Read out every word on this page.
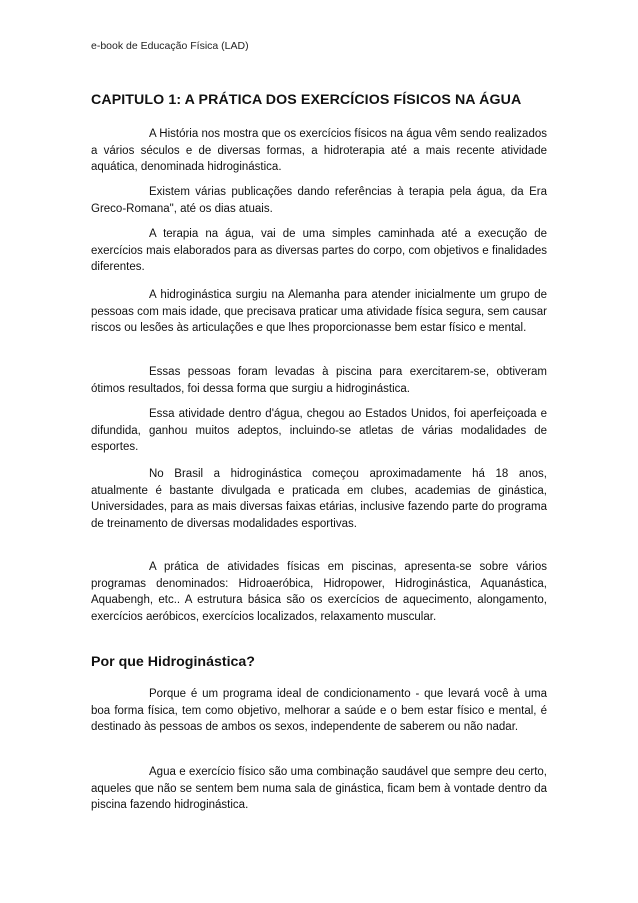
e-book de Educação Física (LAD)
CAPITULO 1: A PRÁTICA DOS EXERCÍCIOS FÍSICOS NA ÁGUA

A História nos mostra que os exercícios físicos na água vêm sendo realizados a vários séculos e de diversas formas, a hidroterapia até a mais recente atividade aquática, denominada hidroginástica.

Existem várias publicações dando referências à terapia pela água, da Era Greco-Romana", até os dias atuais.

A terapia na água, vai de uma simples caminhada até a execução de exercícios mais elaborados para as diversas partes do corpo, com objetivos e finalidades diferentes.

A hidroginástica surgiu na Alemanha para atender inicialmente um grupo de pessoas com mais idade, que precisava praticar uma atividade física segura, sem causar riscos ou lesões às articulações e que lhes proporcionasse bem estar físico e mental.

Essas pessoas foram levadas à piscina para exercitarem-se, obtiveram ótimos resultados, foi dessa forma que surgiu a hidroginástica.

Essa atividade dentro d'água, chegou ao Estados Unidos, foi aperfeiçoada e difundida, ganhou muitos adeptos, incluindo-se atletas de várias modalidades de esportes.

No Brasil a hidroginástica começou aproximadamente há 18 anos, atualmente é bastante divulgada e praticada em clubes, academias de ginástica, Universidades, para as mais diversas faixas etárias, inclusive fazendo parte do programa de treinamento de diversas modalidades esportivas.

A prática de atividades físicas em piscinas, apresenta-se sobre vários programas denominados: Hidroaeróbica, Hidropower, Hidroginástica, Aquanástica, Aquabengh, etc.. A estrutura básica são os exercícios de aquecimento, alongamento, exercícios aeróbicos, exercícios localizados, relaxamento muscular.

Por que Hidroginástica?

Porque é um programa ideal de condicionamento - que levará você à uma boa forma física, tem como objetivo, melhorar a saúde e o bem estar físico e mental, é destinado às pessoas de ambos os sexos, independente de saberem ou não nadar.

Agua e exercício físico são uma combinação saudável que sempre deu certo, aqueles que não se sentem bem numa sala de ginástica, ficam bem à vontade dentro da piscina fazendo hidroginástica.
